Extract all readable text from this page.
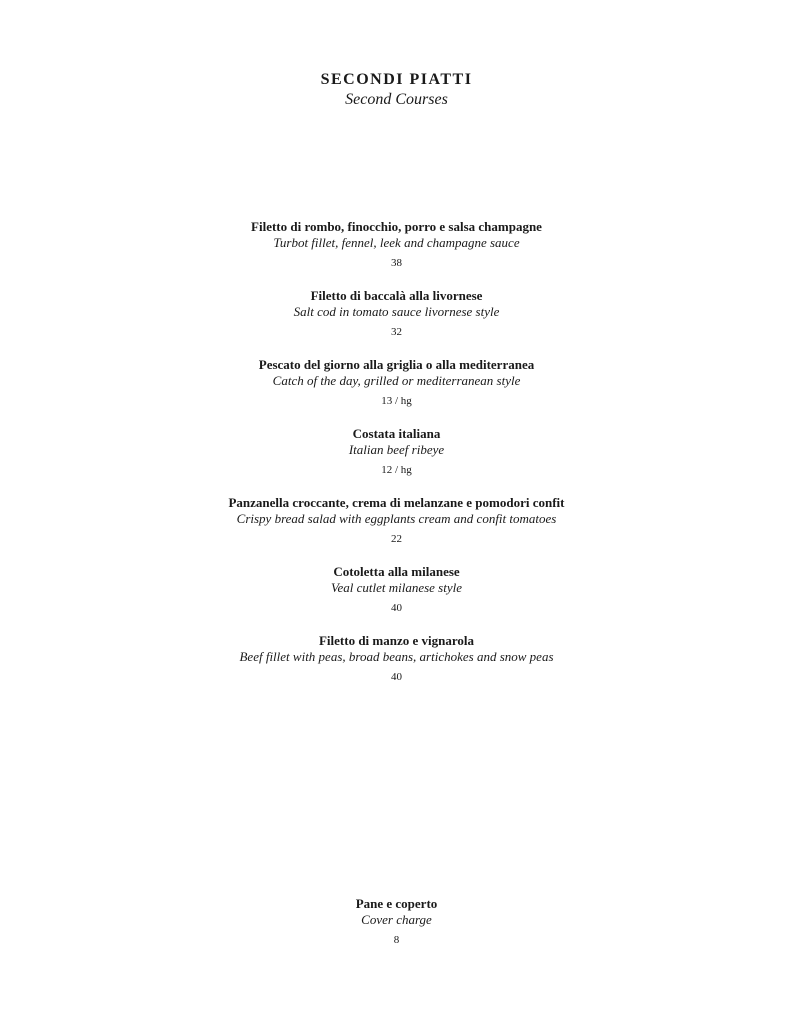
SECONDI PIATTI
Second Courses
Filetto di rombo, finocchio, porro e salsa champagne
Turbot fillet, fennel, leek and champagne sauce
38
Filetto di baccalà alla livornese
Salt cod in tomato sauce livornese style
32
Pescato del giorno alla griglia o alla mediterranea
Catch of the day, grilled or mediterranean style
13 / hg
Costata italiana
Italian beef ribeye
12 / hg
Panzanella croccante, crema di melanzane e pomodori confit
Crispy bread salad with eggplants cream and confit tomatoes
22
Cotoletta alla milanese
Veal cutlet milanese style
40
Filetto di manzo e vignarola
Beef fillet with peas, broad beans, artichokes and snow peas
40
Pane e coperto
Cover charge
8
